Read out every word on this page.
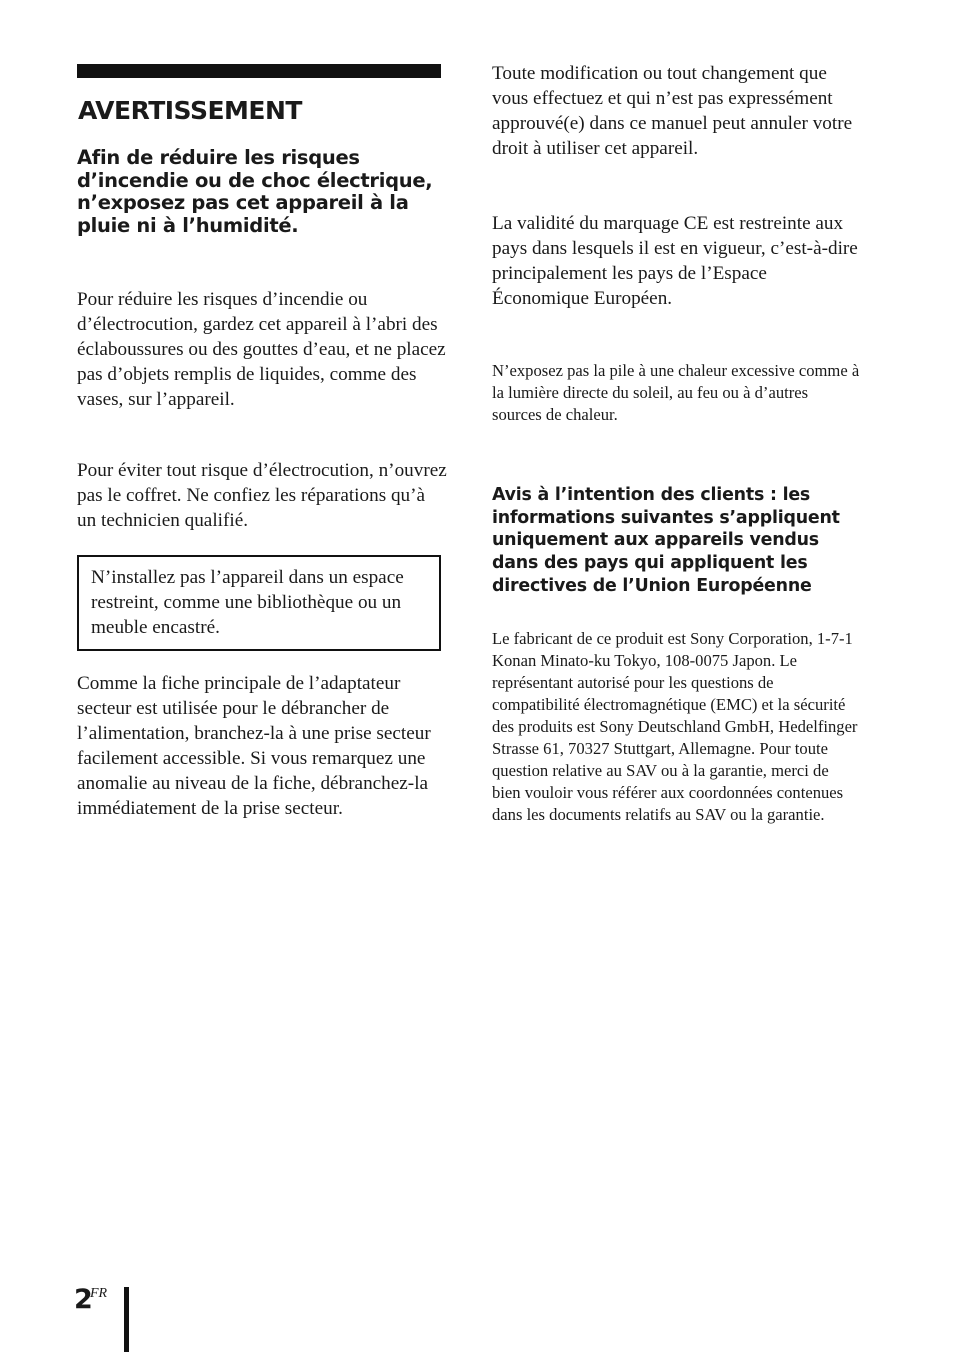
AVERTISSEMENT

Afin de réduire les risques d’incendie ou de choc électrique, n’exposez pas cet appareil à la pluie ni à l’humidité.

Pour réduire les risques d’incendie ou d’électrocution, gardez cet appareil à l’abri des éclaboussures ou des gouttes d’eau, et ne placez pas d’objets remplis de liquides, comme des vases, sur l’appareil.

Pour éviter tout risque d’électrocution, n’ouvrez pas le coffret. Ne confiez les réparations qu’à un technicien qualifié.

N’installez pas l’appareil dans un espace restreint, comme une bibliothèque ou un meuble encastré.

Comme la fiche principale de l’adaptateur secteur est utilisée pour le débrancher de l’alimentation, branchez-la à une prise secteur facilement accessible. Si vous remarquez une anomalie au niveau de la fiche, débranchez-la immédiatement de la prise secteur.

Toute modification ou tout changement que vous effectuez et qui n’est pas expressément approuvé(e) dans ce manuel peut annuler votre droit à utiliser cet appareil.

La validité du marquage CE est restreinte aux pays dans lesquels il est en vigueur, c’est-à-dire principalement les pays de l’Espace Économique Européen.

N’exposez pas la pile à une chaleur excessive comme à la lumière directe du soleil, au feu ou à d’autres sources de chaleur.

Avis à l’intention des clients : les informations suivantes s’appliquent uniquement aux appareils vendus dans des pays qui appliquent les directives de l’Union Européenne

Le fabricant de ce produit est Sony Corporation, 1-7-1 Konan Minato-ku Tokyo, 108-0075 Japon. Le représentant autorisé pour les questions de compatibilité électromagnétique (EMC) et la sécurité des produits est Sony Deutschland GmbH, Hedelfinger Strasse 61, 70327 Stuttgart, Allemagne. Pour toute question relative au SAV ou à la garantie, merci de bien vouloir vous référer aux coordonnées contenues dans les documents relatifs au SAV ou la garantie.

2
FR
